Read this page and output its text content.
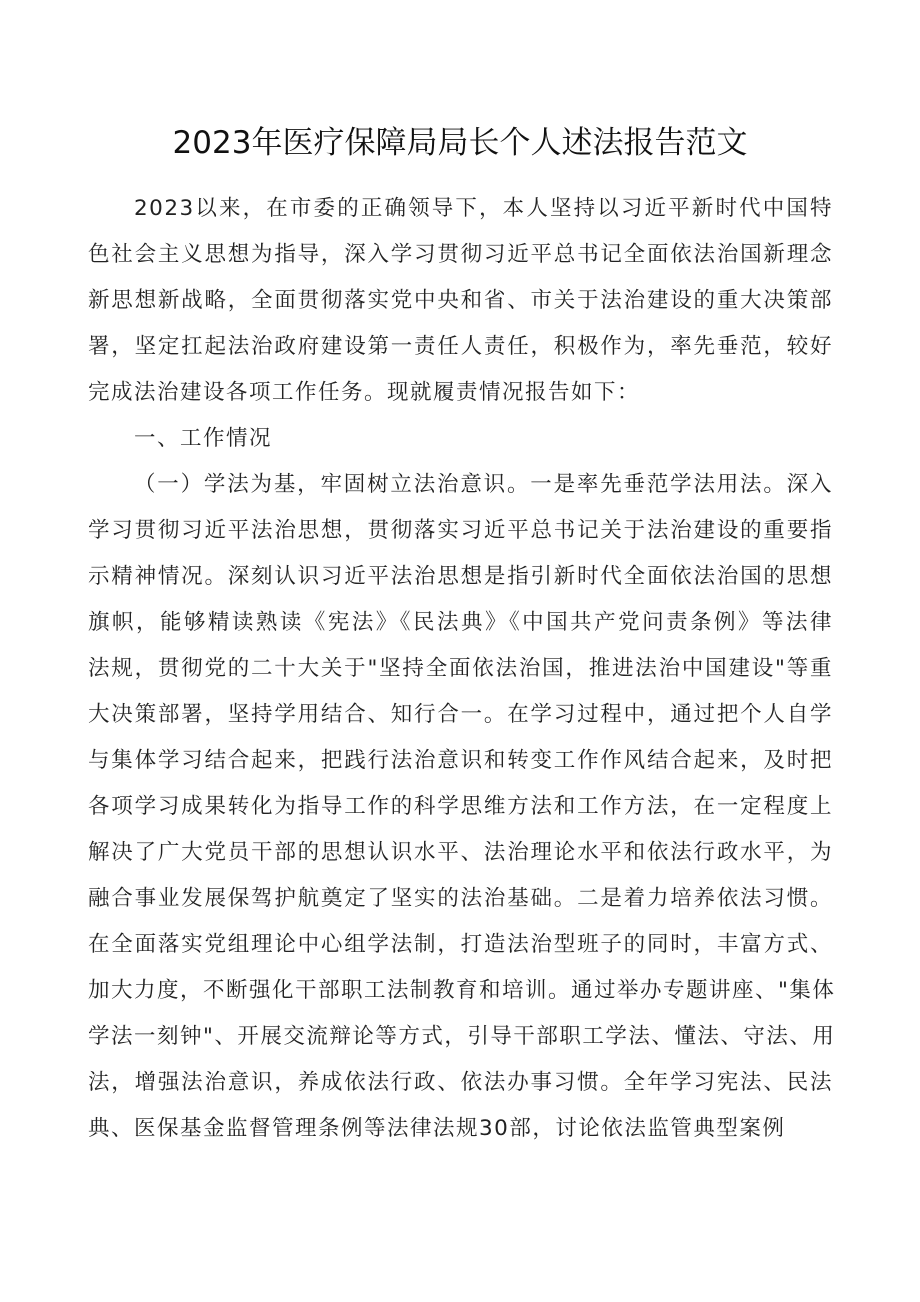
2023年医疗保障局局长个人述法报告范文
2023以来，在市委的正确领导下，本人坚持以习近平新时代中国特
色社会主义思想为指导，深入学习贯彻习近平总书记全面依法治国新理念
新思想新战略，全面贯彻落实党中央和省、市关于法治建设的重大决策部
署，坚定扛起法治政府建设第一责任人责任，积极作为，率先垂范，较好
完成法治建设各项工作任务。现就履责情况报告如下：
一、工作情况
（一）学法为基，牢固树立法治意识。一是率先垂范学法用法。深入
学习贯彻习近平法治思想，贯彻落实习近平总书记关于法治建设的重要指
示精神情况。深刻认识习近平法治思想是指引新时代全面依法治国的思想
旗帜，能够精读熟读《宪法》《民法典》《中国共产党问责条例》等法律
法规，贯彻党的二十大关于"坚持全面依法治国，推进法治中国建设"等重
大决策部署，坚持学用结合、知行合一。在学习过程中，通过把个人自学
与集体学习结合起来，把践行法治意识和转变工作作风结合起来，及时把
各项学习成果转化为指导工作的科学思维方法和工作方法，在一定程度上
解决了广大党员干部的思想认识水平、法治理论水平和依法行政水平，为
融合事业发展保驾护航奠定了坚实的法治基础。二是着力培养依法习惯。
在全面落实党组理论中心组学法制，打造法治型班子的同时，丰富方式、
加大力度，不断强化干部职工法制教育和培训。通过举办专题讲座、"集体
学法一刻钟"、开展交流辩论等方式，引导干部职工学法、懂法、守法、用
法，增强法治意识，养成依法行政、依法办事习惯。全年学习宪法、民法
典、医保基金监督管理条例等法律法规30部，讨论依法监管典型案例
